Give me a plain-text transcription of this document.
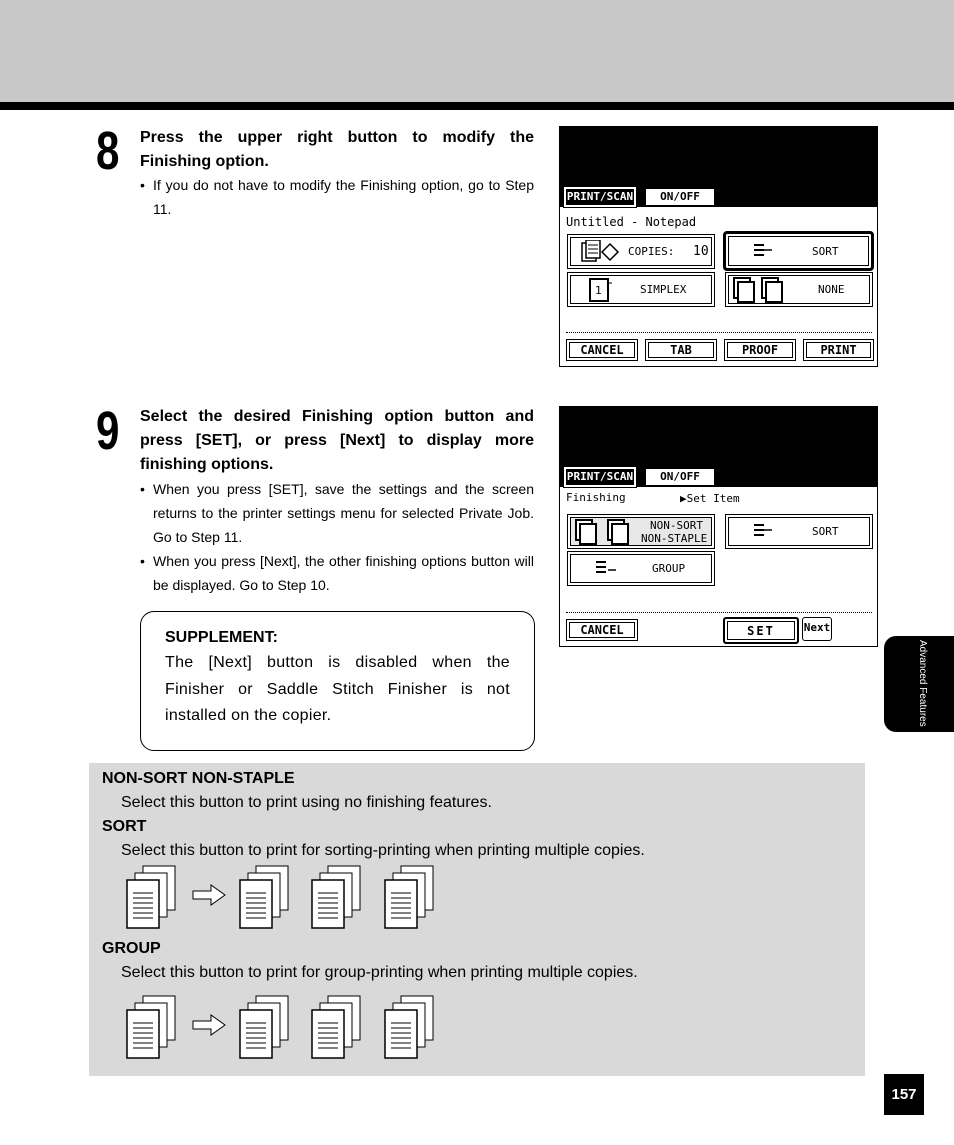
8 Press the upper right button to modify the Finishing option.
• If you do not have to modify the Finishing option, go to Step 11.
9 Select the desired Finishing option button and press [SET], or press [Next] to display more finishing options.
• When you press [SET], save the settings and the screen returns to the printer settings menu for selected Private Job. Go to Step 11.
• When you press [Next], the other finishing options button will be displayed. Go to Step 10.
SUPPLEMENT:
The [Next] button is disabled when the Finisher or Saddle Stitch Finisher is not installed on the copier.
PRINT/SCAN	ON/OFF
Untitled - Notepad
COPIES: 10	SORT
1	SIMPLEX	NONE
CANCEL	TAB	PROOF	PRINT
PRINT/SCAN	ON/OFF
Finishing	▶Set Item
NON-SORT
NON-STAPLE
SORT
GROUP
CANCEL	SET	Next
Advanced Features
157
NON-SORT NON-STAPLE
Select this button to print using no finishing features.
SORT
Select this button to print for sorting-printing when printing multiple copies.
GROUP
Select this button to print for group-printing when printing multiple copies.
